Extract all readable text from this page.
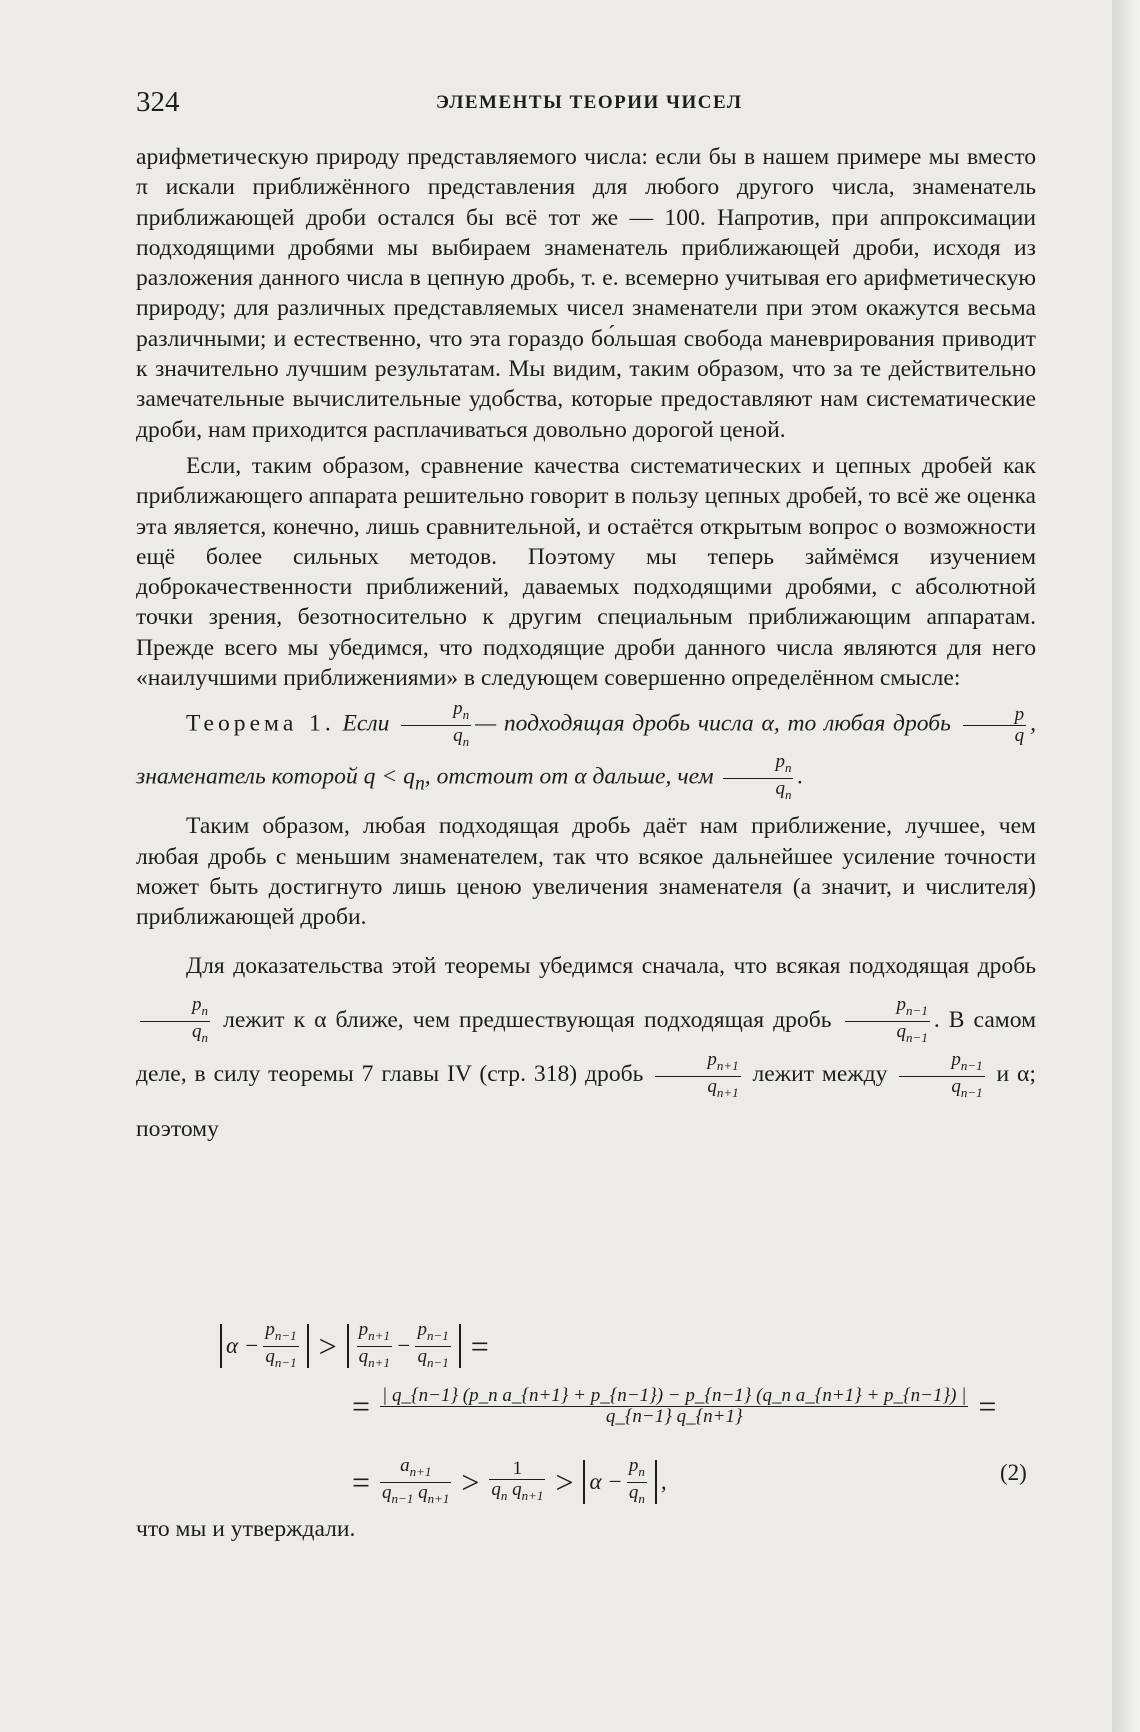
324	ЭЛЕМЕНТЫ ТЕОРИИ ЧИСЕЛ

арифметическую природу представляемого числа: если бы в нашем примере мы вместо π искали приближённого представления для любого другого числа, знаменатель приближающей дроби остался бы всё тот же — 100. Напротив, при аппроксимации подходящими дробями мы выбираем знаменатель приближающей дроби, исходя из разложения данного числа в цепную дробь, т. е. всемерно учитывая его арифметическую природу; для различных представляемых чисел знаменатели при этом окажутся весьма различными; и естественно, что эта гораздо бо́льшая свобода маневрирования приводит к значительно лучшим результатам. Мы видим, таким образом, что за те действительно замечательные вычислительные удобства, которые предоставляют нам систематические дроби, нам приходится расплачиваться довольно дорогой ценой.

Если, таким образом, сравнение качества систематических и цепных дробей как приближающего аппарата решительно говорит в пользу цепных дробей, то всё же оценка эта является, конечно, лишь сравнительной, и остаётся открытым вопрос о возможности ещё более сильных методов. Поэтому мы теперь займёмся изучением доброкачественности приближений, даваемых подходящими дробями, с абсолютной точки зрения, безотносительно к другим специальным приближающим аппаратам. Прежде всего мы убедимся, что подходящие дроби данного числа являются для него «наилучшими приближениями» в следующем совершенно определённом смысле:

Теорема 1. Если $\frac{p_n}{q_n}$ — подходящая дробь числа α, то любая дробь $\frac{p}{q}$ , знаменатель которой $q < q_n$, отстоит от α дальше, чем $\frac{p_n}{q_n}$ .

Таким образом, любая подходящая дробь даёт нам приближение, лучшее, чем любая дробь с меньшим знаменателем, так что всякое дальнейшее усиление точности может быть достигнуто лишь ценою увеличения знаменателя (а значит, и числителя) приближающей дроби.

Для доказательства этой теоремы убедимся сначала, что всякая подходящая дробь
$\frac{p_n}{q_n}$ лежит к α ближе, чем предшествующая подходящая дробь $\frac{p_{n-1}}{q_{n-1}}$ . В самом деле, в силу теоремы 7 главы IV (стр. 318) дробь $\frac{p_{n+1}}{q_{n+1}}$ лежит между $\frac{p_{n-1}}{q_{n-1}}$ и α; поэтому

$\alpha - \frac{p_{n-1}}{q_{n-1}} > \frac{p_{n+1}}{q_{n+1}} - \frac{p_{n-1}}{q_{n-1}}$ =
= | q_{n−1} (p_n a_{n+1} + p_{n−1}) − p_{n−1} (q_n a_{n+1} + p_{n−1}) |
q_{n−1} q_{n+1}	=
= $\frac{a_{n+1}}{q_{n-1} q_{n+1}} > \frac{1}{q_n q_{n+1}} > \alpha - \frac{p_n}{q_n}$ ,	(2)
что мы и утверждали.
